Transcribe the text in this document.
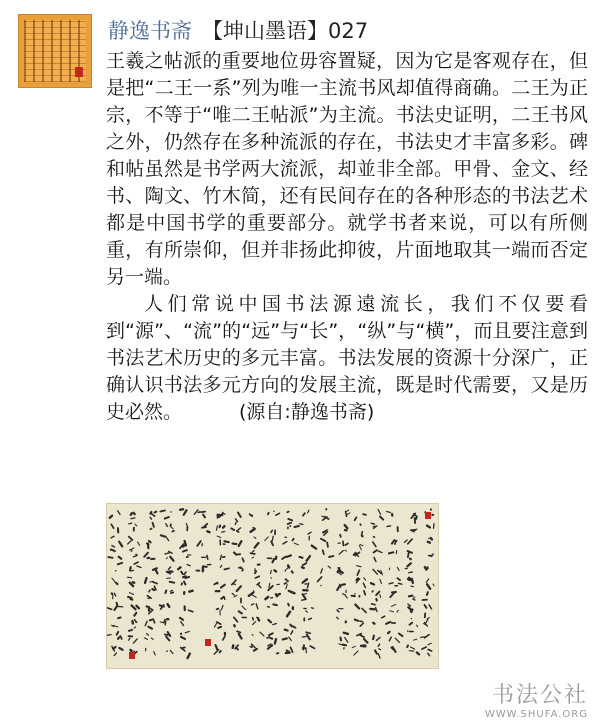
静逸书斋 【坤山墨语】027

王羲之帖派的重要地位毋容置疑，因为它是客观存在，但是把“二王一系”列为唯一主流书风却值得商确。二王为正宗，不等于“唯二王帖派”为主流。书法史证明，二王书风之外，仍然存在多种流派的存在，书法史才丰富多彩。碑和帖虽然是书学两大流派，却並非全部。甲骨、金文、经书、陶文、竹木简，还有民间存在的各种形态的书法艺术都是中国书学的重要部分。就学书者来说，可以有所侧重，有所崇仰，但并非扬此抑彼，片面地取其一端而否定另一端。

人们常说中国书法源遠流长，我们不仅要看到“源”、“流”的“远”与“长”，“纵”与“横”，而且要注意到书法艺术历史的多元丰富。书法发展的资源十分深广，正确认识书法多元方向的发展主流，既是时代需要，又是历史必然。	(源自:静逸书斋)

书法公社
WWW.SHUFA.ORG
